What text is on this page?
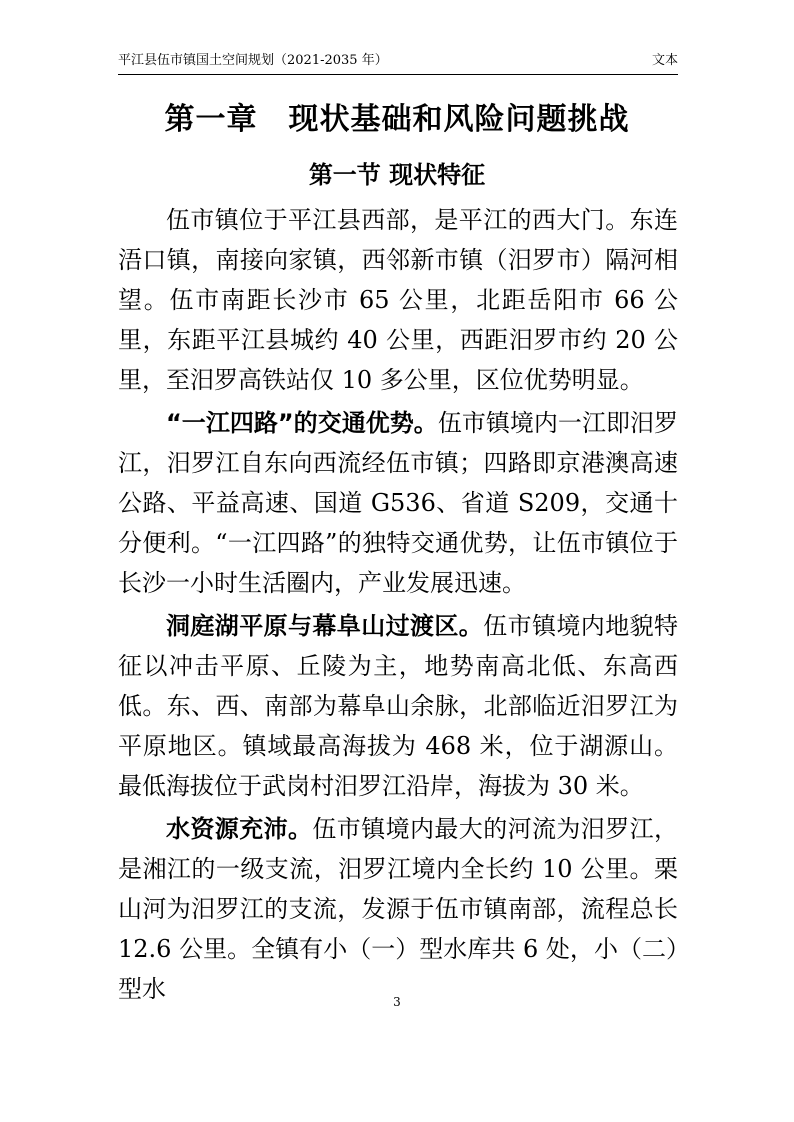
平江县伍市镇国土空间规划（2021-2035 年）	文本
第一章　现状基础和风险问题挑战
第一节 现状特征

伍市镇位于平江县西部，是平江的西大门。东连浯口镇，南接向家镇，西邻新市镇（汨罗市）隔河相望。伍市南距长沙市 65 公里，北距岳阳市 66 公里，东距平江县城约 40 公里，西距汨罗市约 20 公里，至汨罗高铁站仅 10 多公里，区位优势明显。

“一江四路”的交通优势。伍市镇境内一江即汨罗江，汨罗江自东向西流经伍市镇；四路即京港澳高速公路、平益高速、国道 G536、省道 S209，交通十分便利。“一江四路”的独特交通优势，让伍市镇位于长沙一小时生活圈内，产业发展迅速。

洞庭湖平原与幕阜山过渡区。伍市镇境内地貌特征以冲击平原、丘陵为主，地势南高北低、东高西低。东、西、南部为幕阜山余脉，北部临近汨罗江为平原地区。镇域最高海拔为 468 米，位于湖源山。最低海拔位于武岗村汨罗江沿岸，海拔为 30 米。

水资源充沛。伍市镇境内最大的河流为汨罗江，是湘江的一级支流，汨罗江境内全长约 10 公里。栗山河为汨罗江的支流，发源于伍市镇南部，流程总长 12.6 公里。全镇有小（一）型水库共 6 处，小（二）型水	3
